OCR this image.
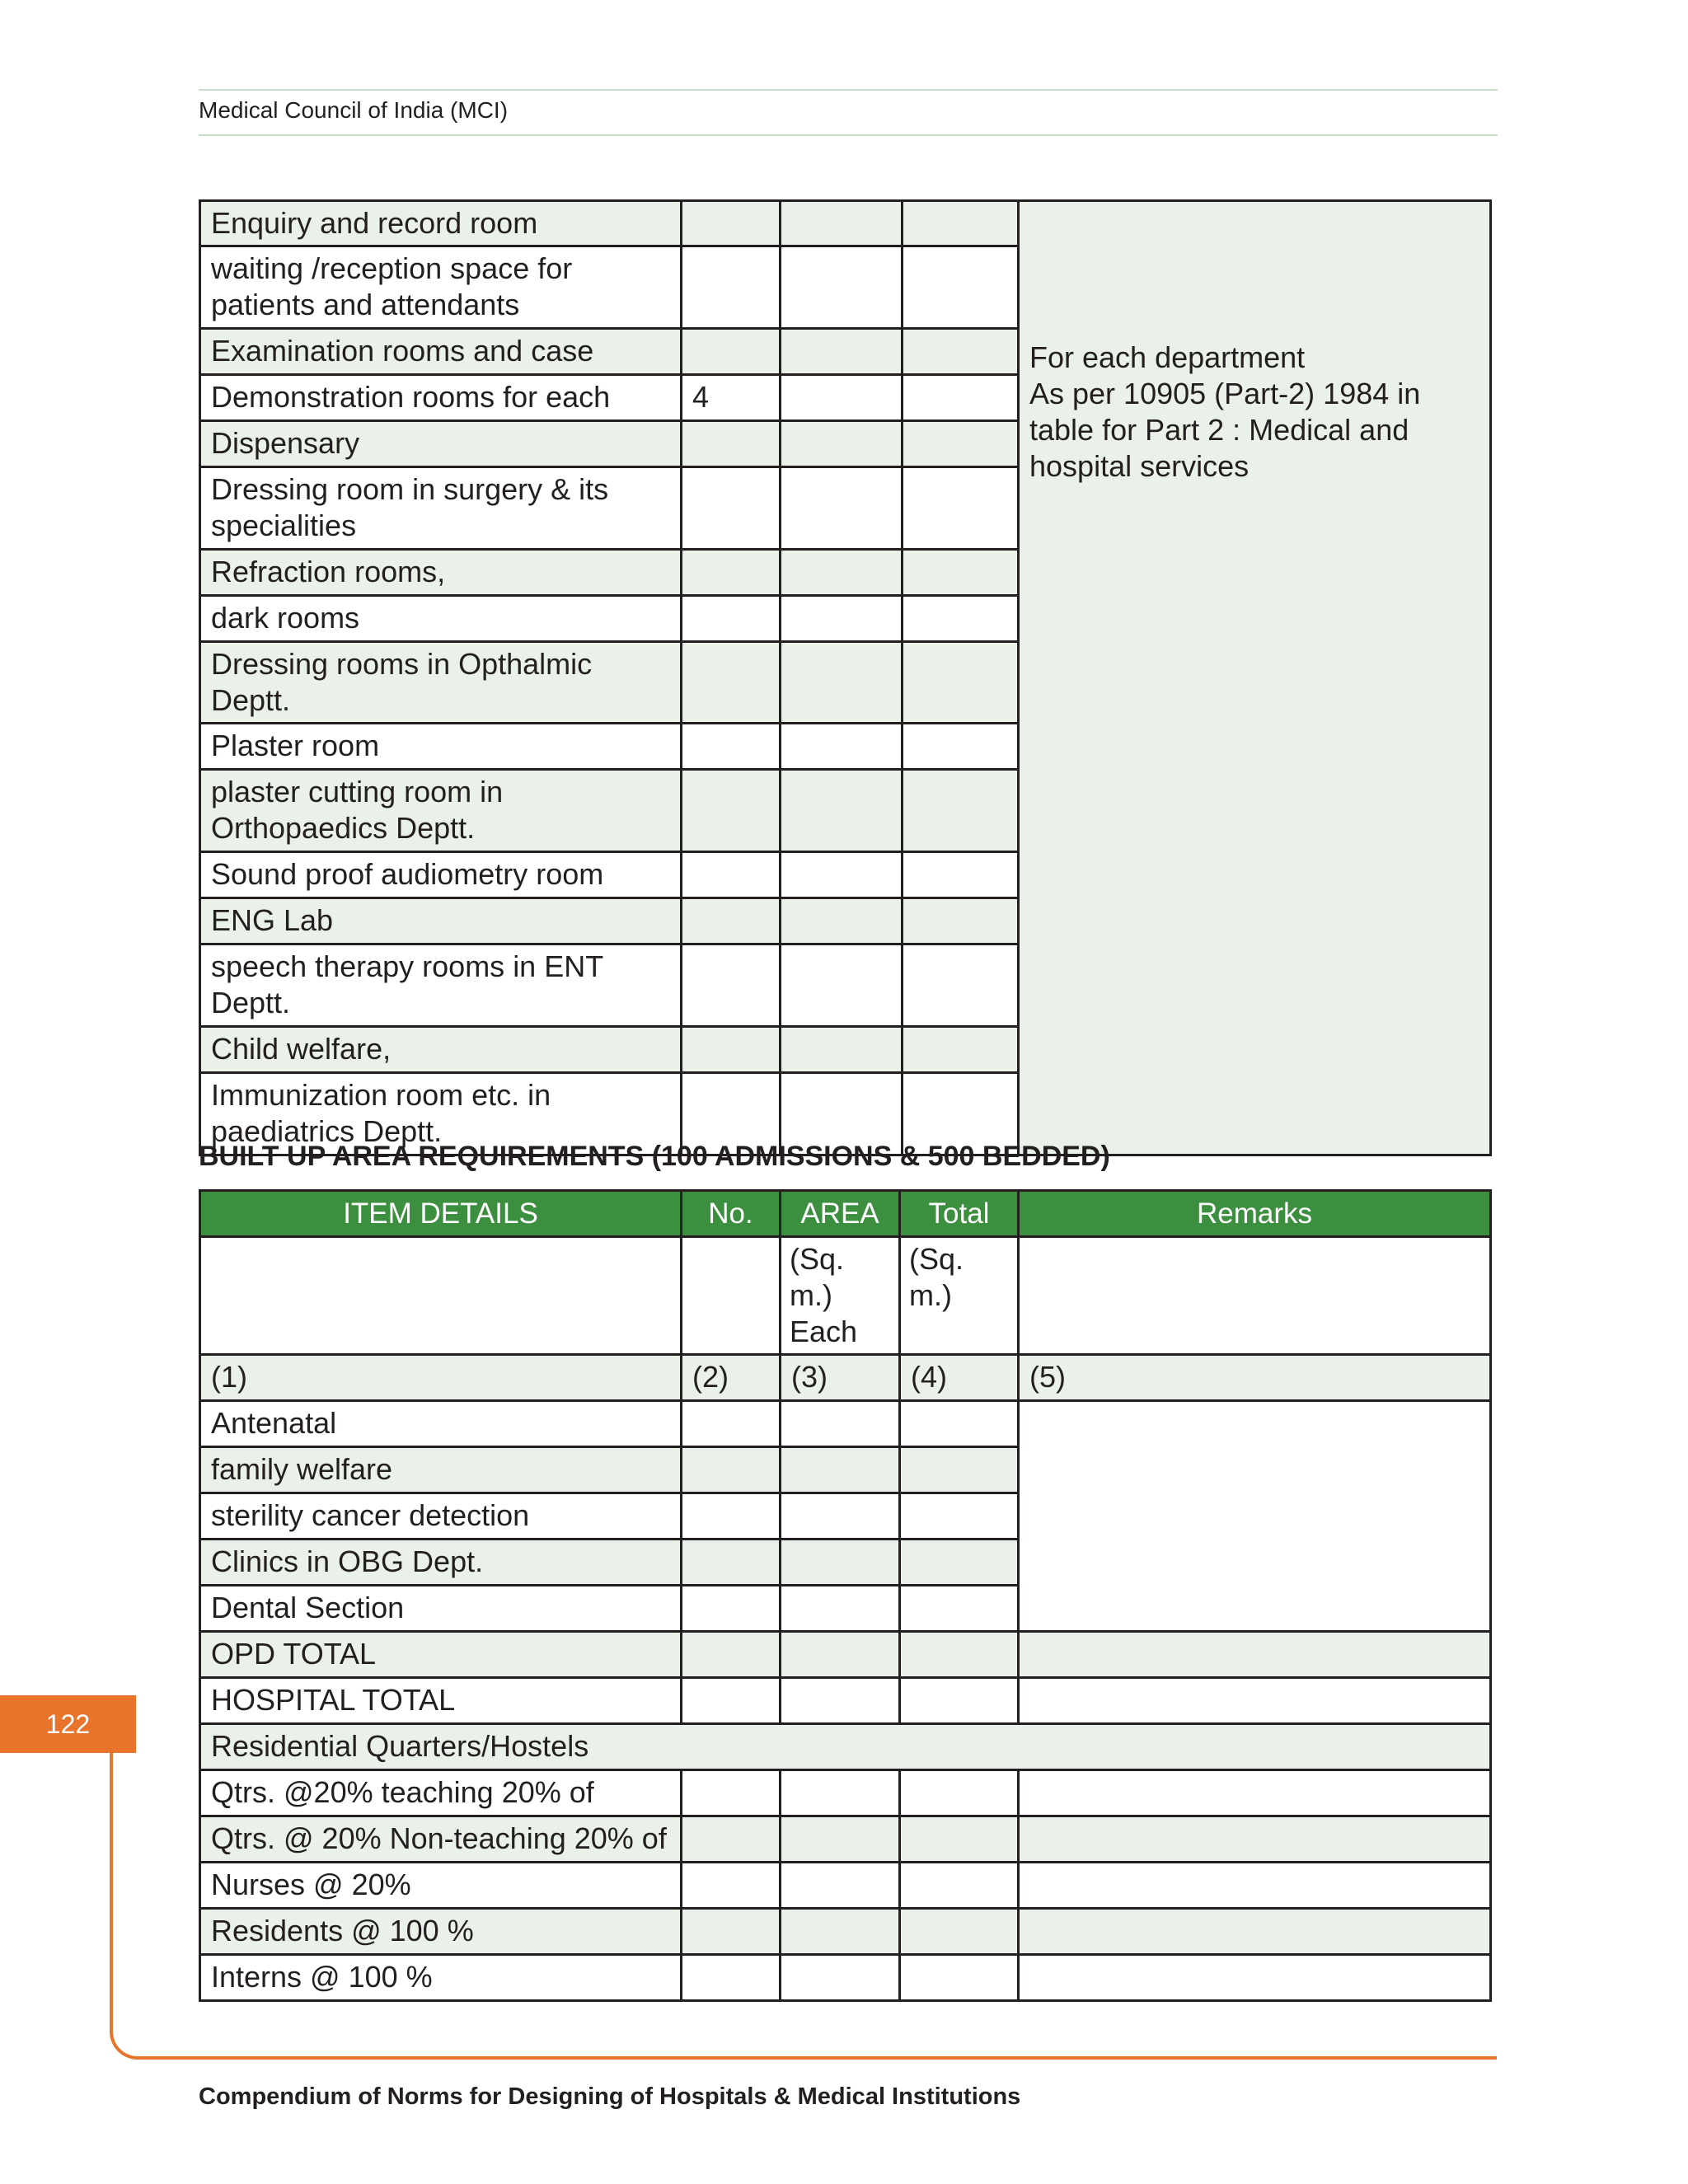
Medical Council of India (MCI)
Enquiry and record room				For each department
As per 10905 (Part-2) 1984 in
table for Part 2 : Medical and
hospital services

waiting /reception space for patients and attendants				
Examination rooms and case				
Demonstration rooms for each	4			
Dispensary				
Dressing room in surgery & its specialities				
Refraction rooms,				
dark rooms				
Dressing rooms in Opthalmic Deptt.				
Plaster room				
plaster cutting room in Orthopaedics Deptt.				
Sound proof audiometry room				
ENG Lab				
speech therapy rooms in ENT Deptt.				
Child welfare,				
Immunization room etc. in paediatrics Deptt.				
BUILT UP AREA REQUIREMENTS (100 ADMISSIONS & 500 BEDDED)
ITEM DETAILS	No.	AREA	Total	Remarks
		(Sq. m.) Each	(Sq. m.)	
(1)	(2)	(3)	(4)	(5)
Antenatal				
family welfare				
sterility cancer detection				
Clinics in OBG Dept.				
Dental Section				
OPD TOTAL				
HOSPITAL TOTAL				
Residential Quarters/Hostels				
Qtrs. @20% teaching 20% of				
Qtrs. @ 20% Non-teaching 20% of				
Nurses @ 20%				
Residents @ 100 %				
Interns @ 100 %				
122
Compendium of Norms for Designing of Hospitals & Medical Institutions
